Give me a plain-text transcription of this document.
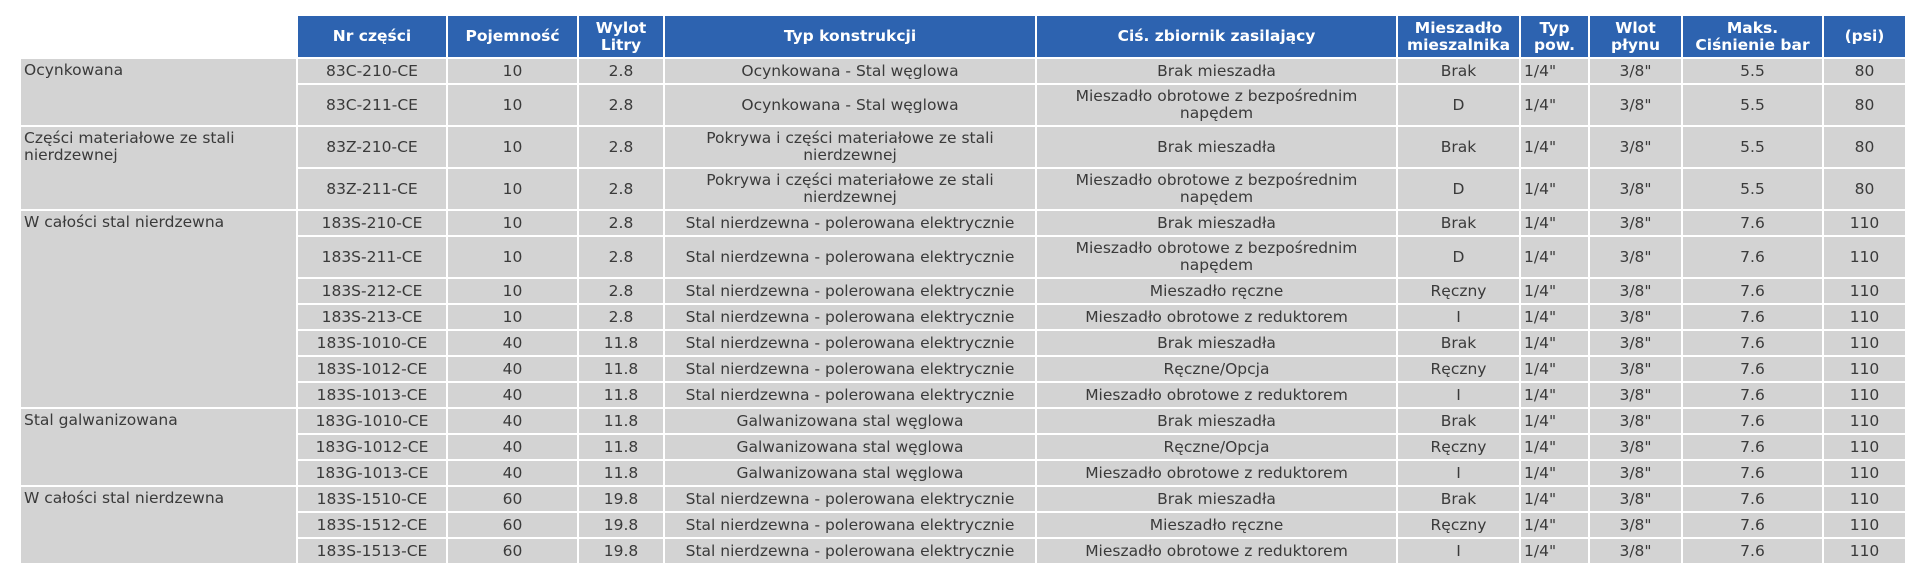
	Nr części	Pojemność	Wylot Litry	Typ konstrukcji	Ciś. zbiornik zasilający	Mieszadło mieszalnika	Typ pow.	Wlot płynu	Maks. Ciśnienie bar	(psi)
Ocynkowana	83C-210-CE	10	2.8	Ocynkowana - Stal węglowa	Brak mieszadła	Brak	1/4"	3/8"	5.5	80
	83C-211-CE	10	2.8	Ocynkowana - Stal węglowa	Mieszadło obrotowe z bezpośrednim napędem	D	1/4"	3/8"	5.5	80
Części materiałowe ze stali nierdzewnej	83Z-210-CE	10	2.8	Pokrywa i części materiałowe ze stali nierdzewnej	Brak mieszadła	Brak	1/4"	3/8"	5.5	80
	83Z-211-CE	10	2.8	Pokrywa i części materiałowe ze stali nierdzewnej	Mieszadło obrotowe z bezpośrednim napędem	D	1/4"	3/8"	5.5	80
W całości stal nierdzewna	183S-210-CE	10	2.8	Stal nierdzewna - polerowana elektrycznie	Brak mieszadła	Brak	1/4"	3/8"	7.6	110
	183S-211-CE	10	2.8	Stal nierdzewna - polerowana elektrycznie	Mieszadło obrotowe z bezpośrednim napędem	D	1/4"	3/8"	7.6	110
	183S-212-CE	10	2.8	Stal nierdzewna - polerowana elektrycznie	Mieszadło ręczne	Ręczny	1/4"	3/8"	7.6	110
	183S-213-CE	10	2.8	Stal nierdzewna - polerowana elektrycznie	Mieszadło obrotowe z reduktorem	I	1/4"	3/8"	7.6	110
	183S-1010-CE	40	11.8	Stal nierdzewna - polerowana elektrycznie	Brak mieszadła	Brak	1/4"	3/8"	7.6	110
	183S-1012-CE	40	11.8	Stal nierdzewna - polerowana elektrycznie	Ręczne/Opcja	Ręczny	1/4"	3/8"	7.6	110
	183S-1013-CE	40	11.8	Stal nierdzewna - polerowana elektrycznie	Mieszadło obrotowe z reduktorem	I	1/4"	3/8"	7.6	110
Stal galwanizowana	183G-1010-CE	40	11.8	Galwanizowana stal węglowa	Brak mieszadła	Brak	1/4"	3/8"	7.6	110
	183G-1012-CE	40	11.8	Galwanizowana stal węglowa	Ręczne/Opcja	Ręczny	1/4"	3/8"	7.6	110
	183G-1013-CE	40	11.8	Galwanizowana stal węglowa	Mieszadło obrotowe z reduktorem	I	1/4"	3/8"	7.6	110
W całości stal nierdzewna	183S-1510-CE	60	19.8	Stal nierdzewna - polerowana elektrycznie	Brak mieszadła	Brak	1/4"	3/8"	7.6	110
	183S-1512-CE	60	19.8	Stal nierdzewna - polerowana elektrycznie	Mieszadło ręczne	Ręczny	1/4"	3/8"	7.6	110
	183S-1513-CE	60	19.8	Stal nierdzewna - polerowana elektrycznie	Mieszadło obrotowe z reduktorem	I	1/4"	3/8"	7.6	110
